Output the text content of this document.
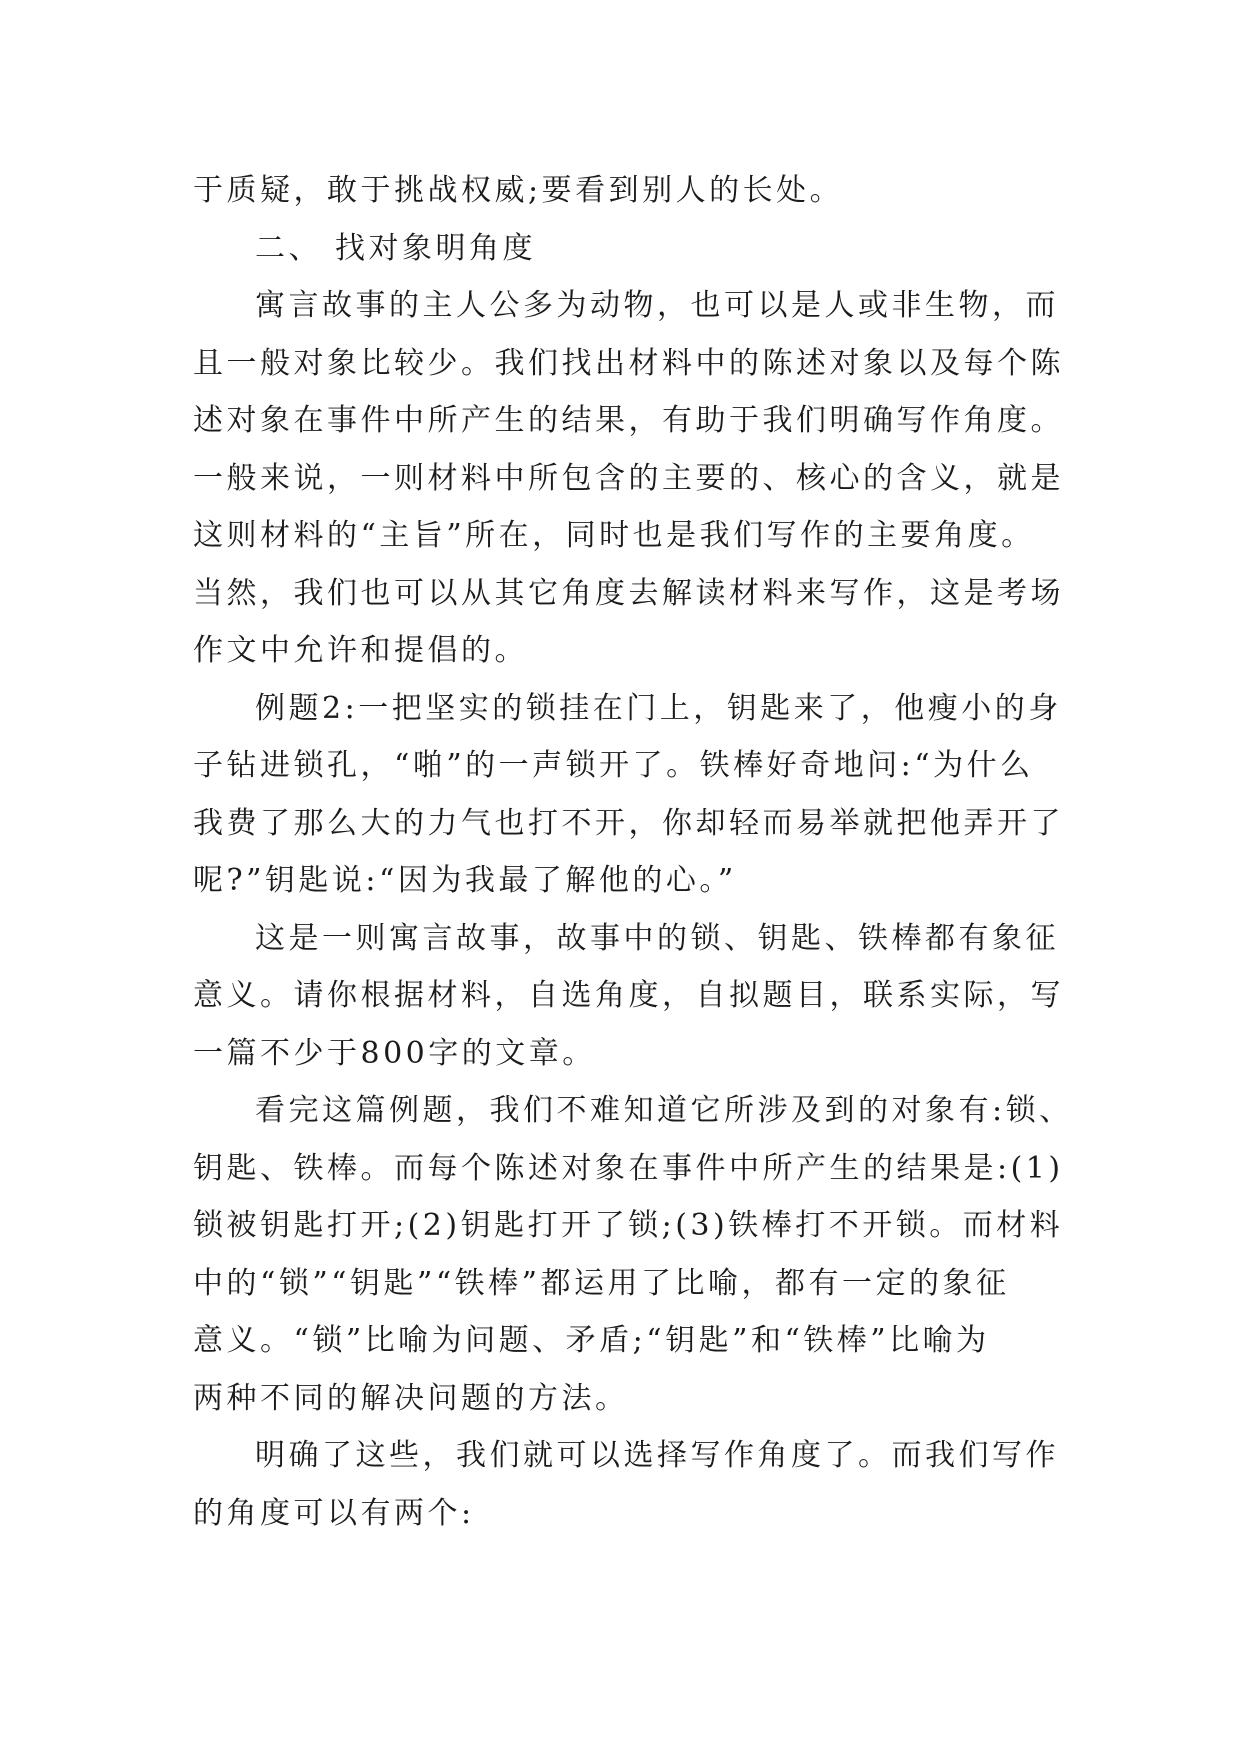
于质疑，敢于挑战权威;要看到别人的长处。
二、 找对象明角度
寓言故事的主人公多为动物，也可以是人或非生物，而
且一般对象比较少。我们找出材料中的陈述对象以及每个陈
述对象在事件中所产生的结果，有助于我们明确写作角度。
一般来说，一则材料中所包含的主要的、核心的含义，就是
这则材料的“主旨”所在，同时也是我们写作的主要角度。
当然，我们也可以从其它角度去解读材料来写作，这是考场
作文中允许和提倡的。
例题2:一把坚实的锁挂在门上，钥匙来了，他瘦小的身
子钻进锁孔，“啪”的一声锁开了。铁棒好奇地问:“为什么
我费了那么大的力气也打不开，你却轻而易举就把他弄开了
呢?”钥匙说:“因为我最了解他的心。”
这是一则寓言故事，故事中的锁、钥匙、铁棒都有象征
意义。请你根据材料，自选角度，自拟题目，联系实际，写
一篇不少于800字的文章。
看完这篇例题，我们不难知道它所涉及到的对象有:锁、
钥匙、铁棒。而每个陈述对象在事件中所产生的结果是:(1)
锁被钥匙打开;(2)钥匙打开了锁;(3)铁棒打不开锁。而材料
中的“锁”“钥匙”“铁棒”都运用了比喻，都有一定的象征
意义。“锁”比喻为问题、矛盾;“钥匙”和“铁棒”比喻为
两种不同的解决问题的方法。
明确了这些，我们就可以选择写作角度了。而我们写作
的角度可以有两个:
